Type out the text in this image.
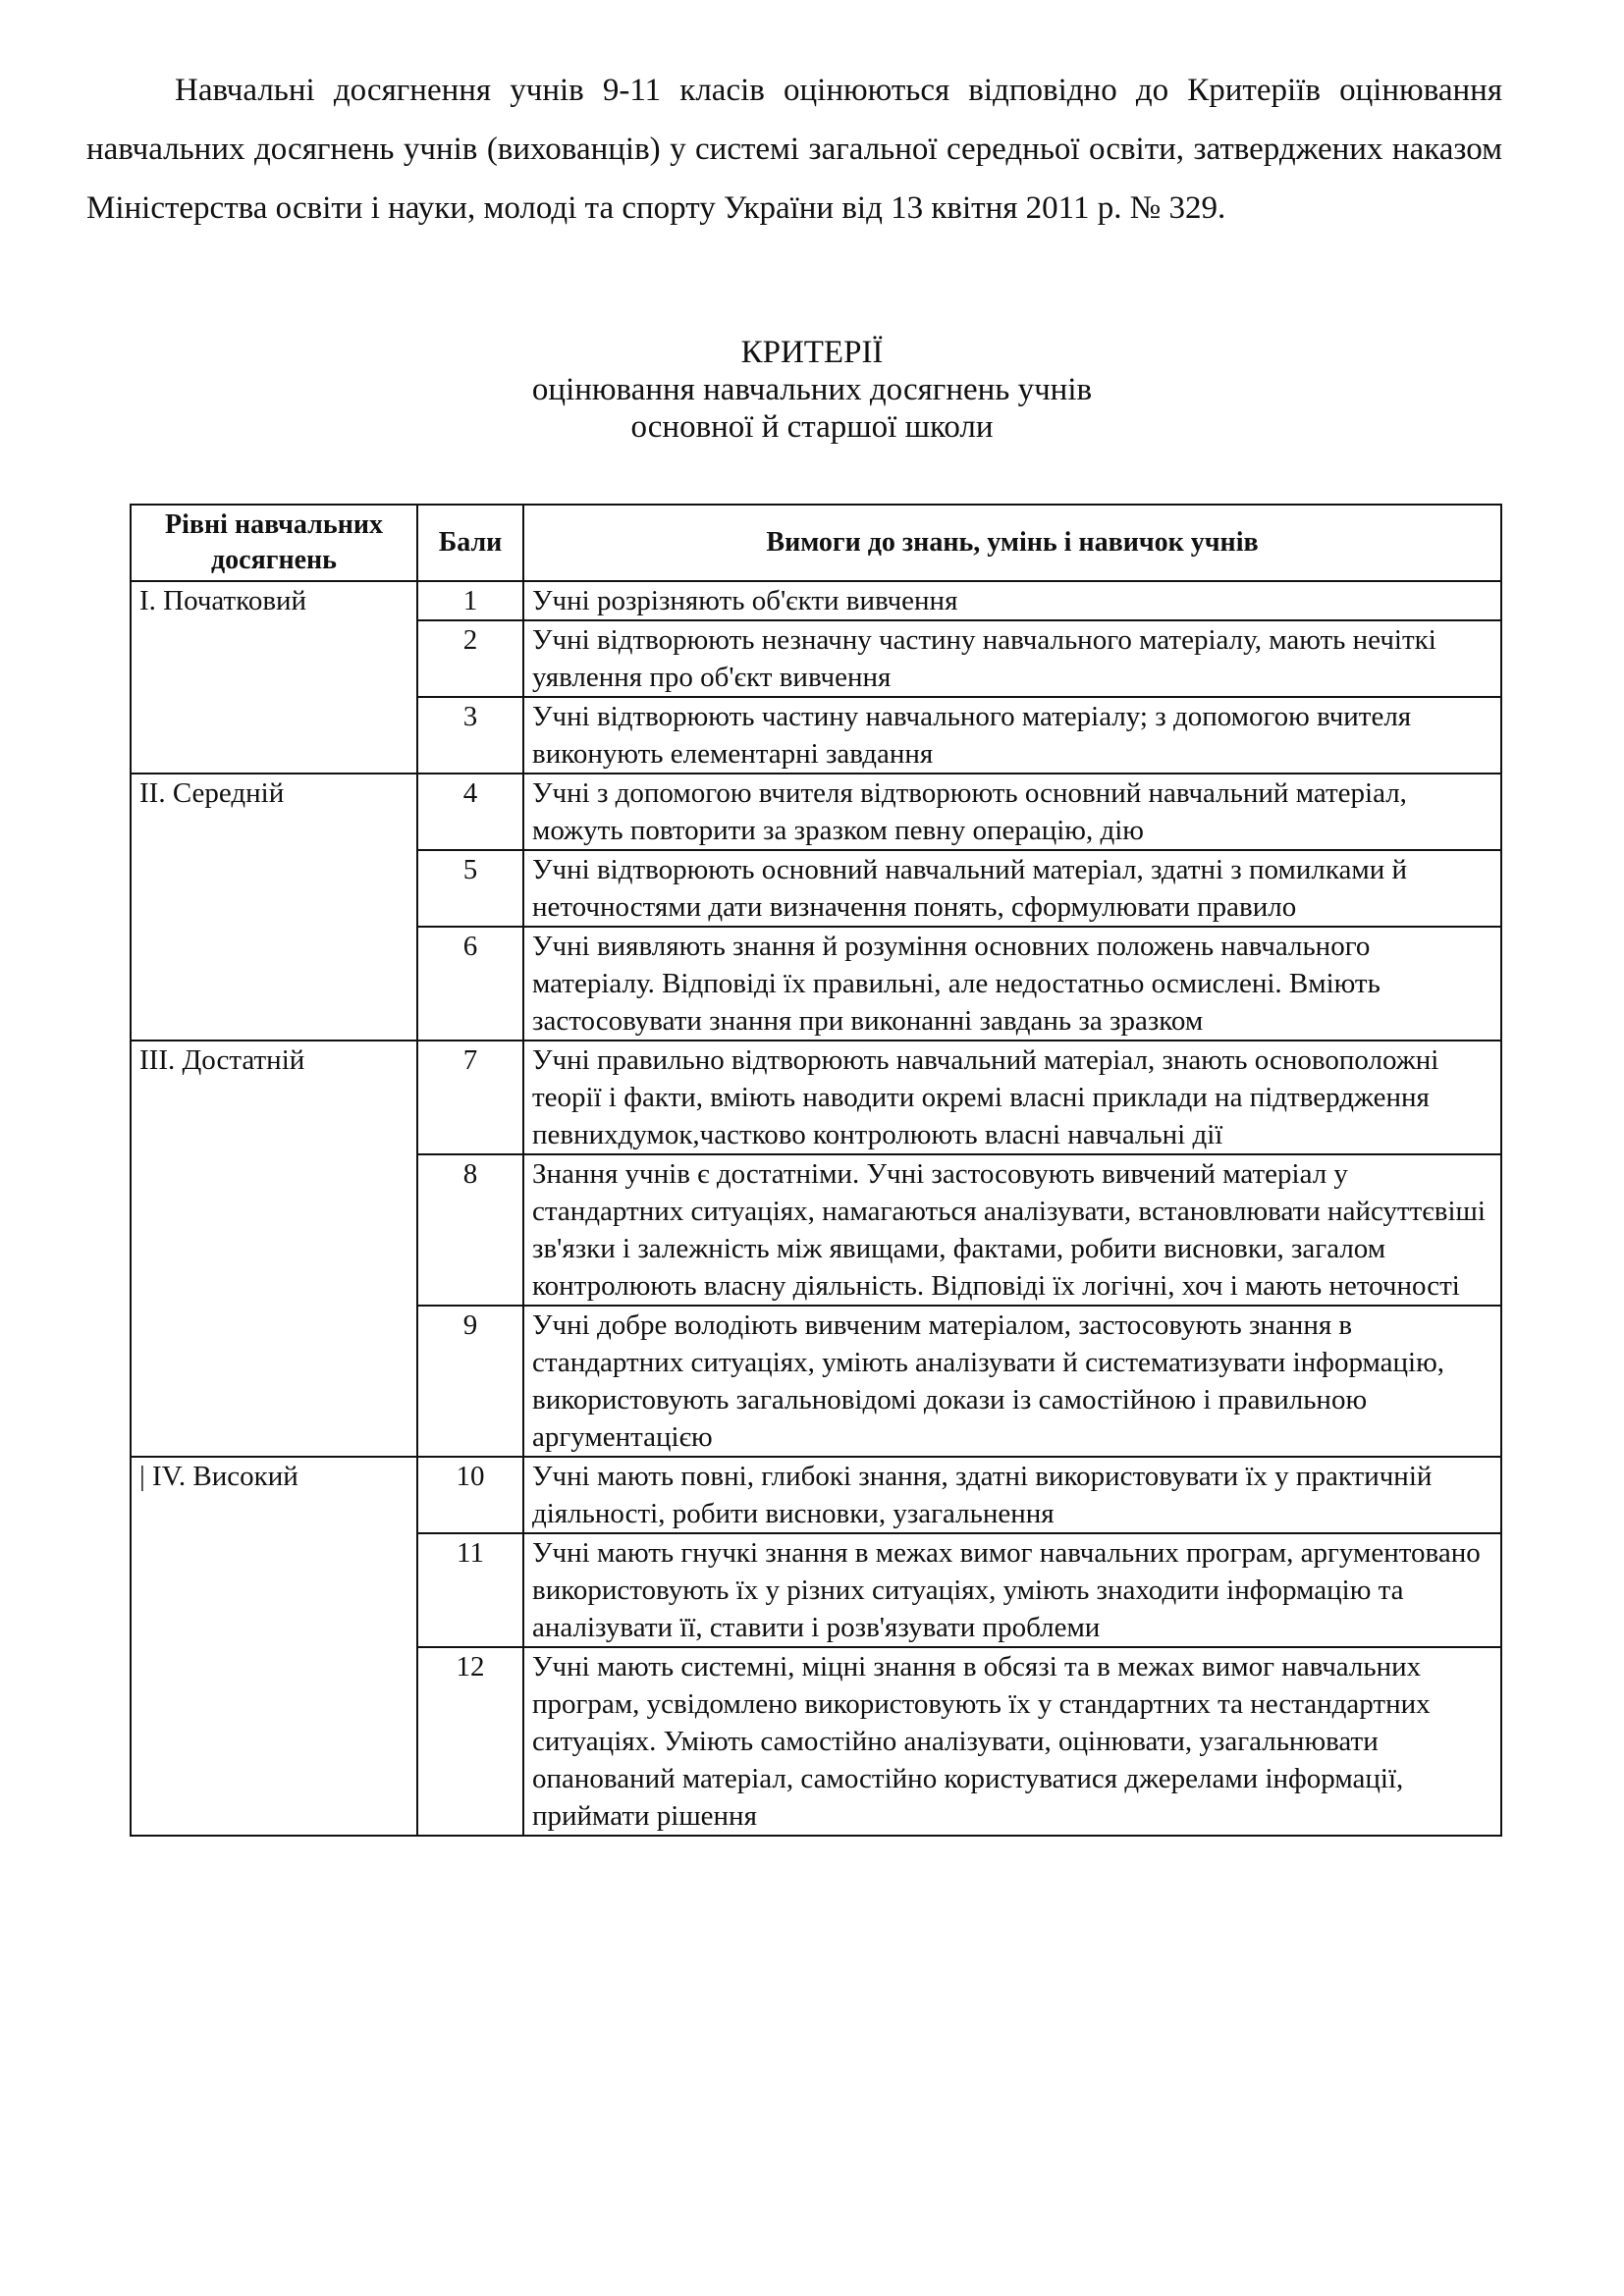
Навчальні досягнення учнів 9-11 класів оцінюються відповідно до Критеріїв оцінювання навчальних досягнень учнів (вихованців) у системі загальної середньої освіти, затверджених наказом Міністерства освіти і науки, молоді та спорту України від 13 квітня 2011 р. № 329.

КРИТЕРІЇ
оцінювання навчальних досягнень учнів
основної й старшої школи
Рівні навчальних досягнень	Бали	Вимоги до знань, умінь і навичок учнів
І. Початковий	1	Учні розрізняють об'єкти вивчення
	2	Учні відтворюють незначну частину навчального матеріалу, мають нечіткі уявлення про об'єкт вивчення
	3	Учні відтворюють частину навчального матеріалу; з допомогою вчителя виконують елементарні завдання
ІІ. Середній	4	Учні з допомогою вчителя відтворюють основний навчальний матеріал, можуть повторити за зразком певну операцію, дію
	5	Учні відтворюють основний навчальний матеріал, здатні з помилками й неточностями дати визначення понять, сформулювати правило
	6	Учні виявляють знання й розуміння основних положень навчального матеріалу. Відповіді їх правильні, але недостатньо осмислені. Вміють застосовувати знання при виконанні завдань за зразком
ІІІ. Достатній	7	Учні правильно відтворюють навчальний матеріал, знають основоположні теорії і факти, вміють наводити окремі власні приклади на підтвердження певнихдумок,частково контролюють власні навчальні дії
	8	Знання учнів є достатніми. Учні застосовують вивчений матеріал у стандартних ситуаціях, намагаються аналізувати, встановлювати найсуттєвіші зв'язки і залежність між явищами, фактами, робити висновки, загалом контролюють власну діяльність. Відповіді їх логічні, хоч і мають неточності
	9	Учні добре володіють вивченим матеріалом, застосовують знання в стандартних ситуаціях, уміють аналізувати й систематизувати інформацію, використовують загальновідомі докази із самостійною і правильною аргументацією
| IV. Високий	10	Учні мають повні, глибокі знання, здатні використовувати їх у практичній діяльності, робити висновки, узагальнення
	11	Учні мають гнучкі знання в межах вимог навчальних програм, аргументовано використовують їх у різних ситуаціях, уміють знаходити інформацію та аналізувати її, ставити і розв'язувати проблеми
	12	Учні мають системні, міцні знання в обсязі та в межах вимог навчальних програм, усвідомлено використовують їх у стандартних та нестандартних ситуаціях. Уміють самостійно аналізувати, оцінювати, узагальнювати опанований матеріал, самостійно користуватися джерелами інформації, приймати рішення
